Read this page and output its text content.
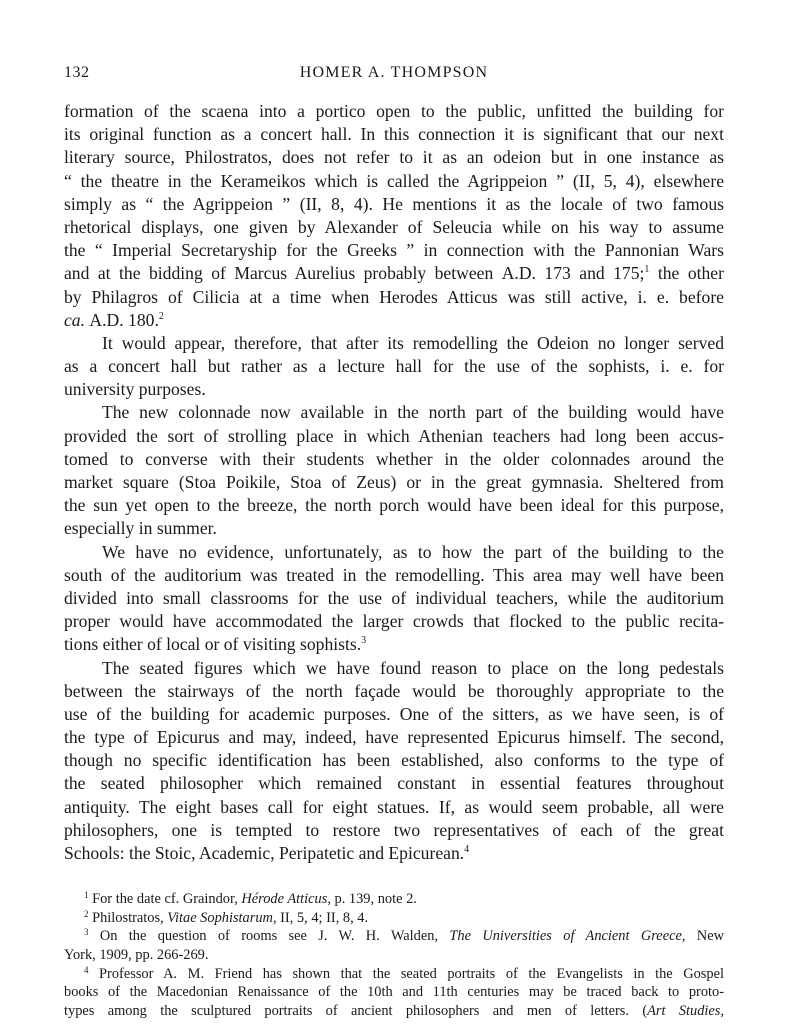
132	HOMER A. THOMPSON
formation of the scaena into a portico open to the public, unfitted the building for
its original function as a concert hall. In this connection it is significant that our next
literary source, Philostratos, does not refer to it as an odeion but in one instance as
“ the theatre in the Kerameikos which is called the Agrippeion ” (II, 5, 4), elsewhere
simply as “ the Agrippeion ” (II, 8, 4). He mentions it as the locale of two famous
rhetorical displays, one given by Alexander of Seleucia while on his way to assume
the “ Imperial Secretaryship for the Greeks ” in connection with the Pannonian Wars
and at the bidding of Marcus Aurelius probably between A.D. 173 and 175;$^1$ the other
by Philagros of Cilicia at a time when Herodes Atticus was still active, i. e. before
ca. A.D. 180.$^2$
It would appear, therefore, that after its remodelling the Odeion no longer served
as a concert hall but rather as a lecture hall for the use of the sophists, i. e. for
university purposes.
The new colonnade now available in the north part of the building would have
provided the sort of strolling place in which Athenian teachers had long been accus-
tomed to converse with their students whether in the older colonnades around the
market square (Stoa Poikile, Stoa of Zeus) or in the great gymnasia. Sheltered from
the sun yet open to the breeze, the north porch would have been ideal for this purpose,
especially in summer.
We have no evidence, unfortunately, as to how the part of the building to the
south of the auditorium was treated in the remodelling. This area may well have been
divided into small classrooms for the use of individual teachers, while the auditorium
proper would have accommodated the larger crowds that flocked to the public recita-
tions either of local or of visiting sophists.$^3$
The seated figures which we have found reason to place on the long pedestals
between the stairways of the north façade would be thoroughly appropriate to the
use of the building for academic purposes. One of the sitters, as we have seen, is of
the type of Epicurus and may, indeed, have represented Epicurus himself. The second,
though no specific identification has been established, also conforms to the type of
the seated philosopher which remained constant in essential features throughout
antiquity. The eight bases call for eight statues. If, as would seem probable, all were
philosophers, one is tempted to restore two representatives of each of the great
Schools: the Stoic, Academic, Peripatetic and Epicurean.$^4$
$^1$ For the date cf. Graindor, Hérode Atticus, p. 139, note 2.
$^2$ Philostratos, Vitae Sophistarum, II, 5, 4; II, 8, 4.
$^3$ On the question of rooms see J. W. H. Walden, The Universities of Ancient Greece, New
York, 1909, pp. 266-269.
$^4$ Professor A. M. Friend has shown that the seated portraits of the Evangelists in the Gospel
books of the Macedonian Renaissance of the 10th and 11th centuries may be traced back to proto-
types among the sculptured portraits of ancient philosophers and men of letters. (Art Studies,
